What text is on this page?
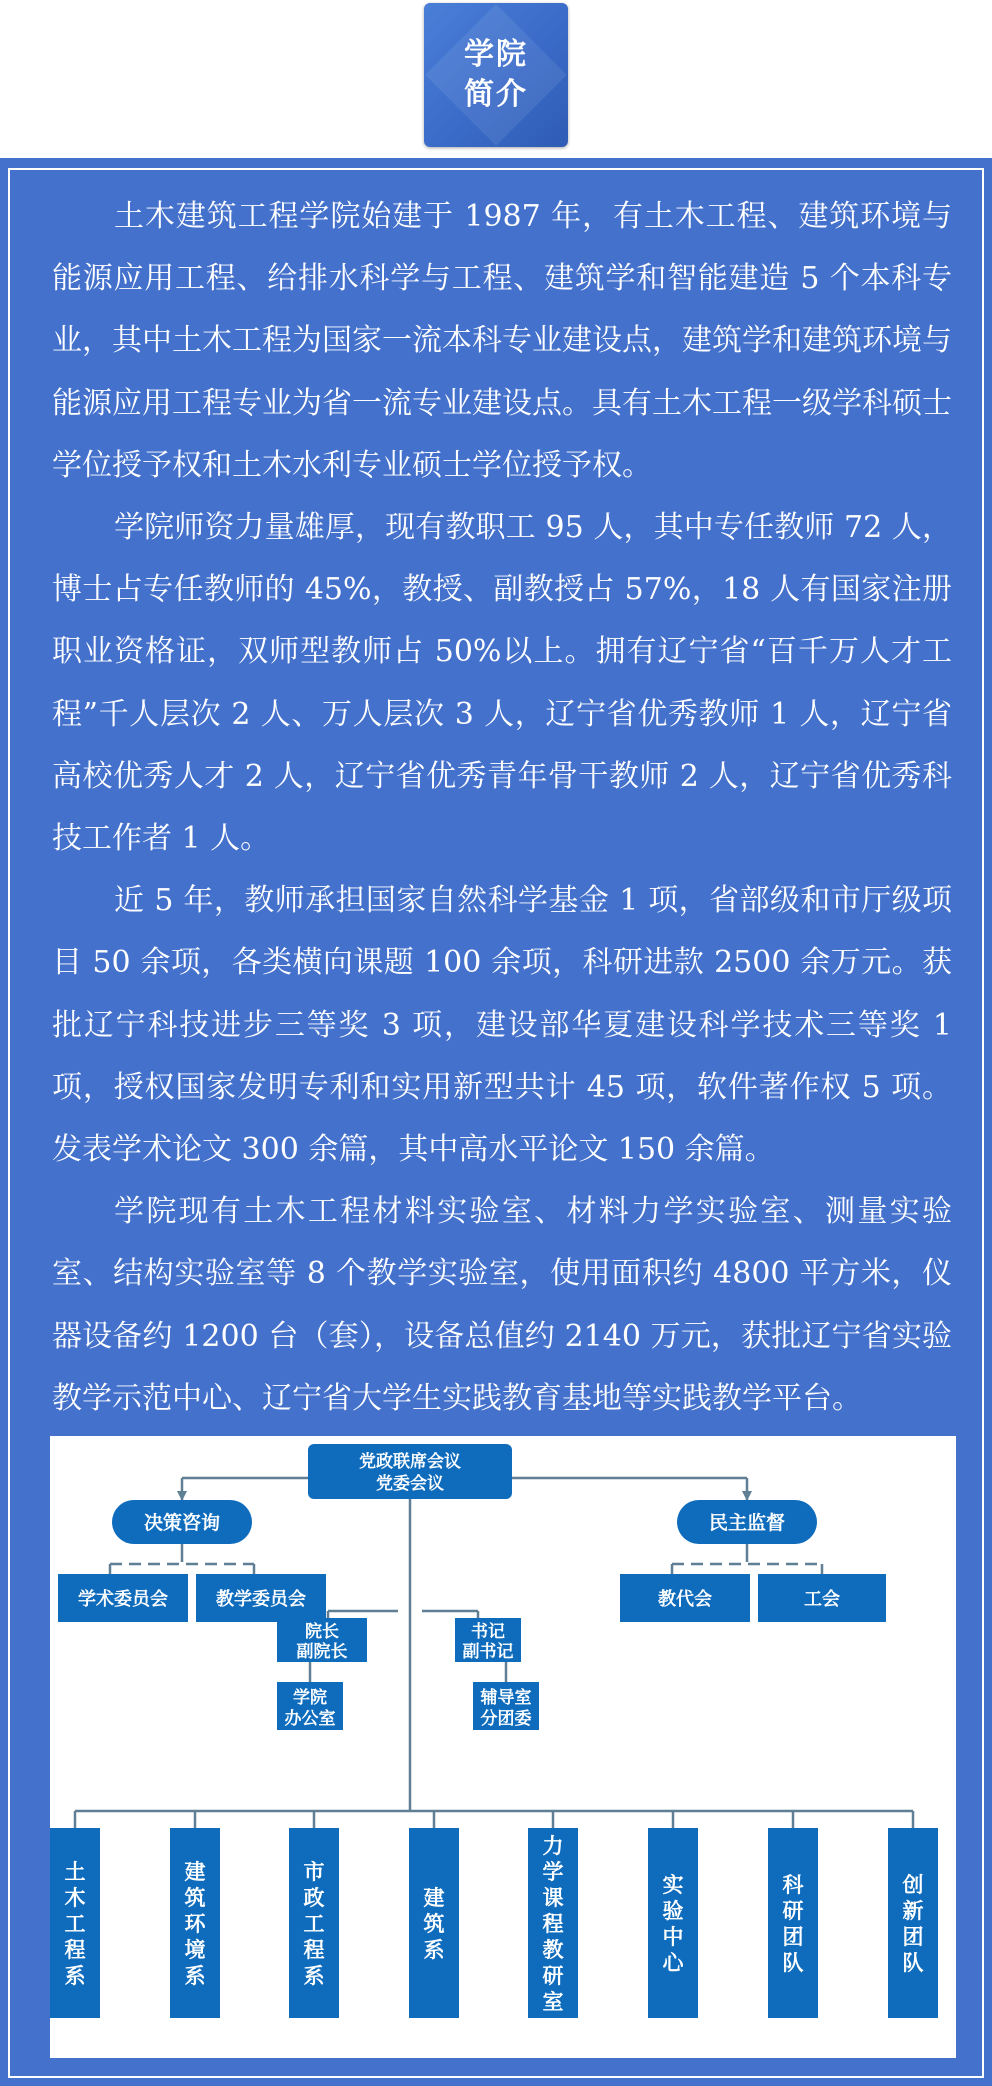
学院
简介

土木建筑工程学院始建于 1987 年，有土木工程、建筑环境与能源应用工程、给排水科学与工程、建筑学和智能建造 5 个本科专业，其中土木工程为国家一流本科专业建设点，建筑学和建筑环境与能源应用工程专业为省一流专业建设点。具有土木工程一级学科硕士学位授予权和土木水利专业硕士学位授予权。

学院师资力量雄厚，现有教职工 95 人，其中专任教师 72 人，博士占专任教师的 45%，教授、副教授占 57%，18 人有国家注册职业资格证，双师型教师占 50%以上。拥有辽宁省“百千万人才工程”千人层次 2 人、万人层次 3 人，辽宁省优秀教师 1 人，辽宁省高校优秀人才 2 人，辽宁省优秀青年骨干教师 2 人，辽宁省优秀科技工作者 1 人。

近 5 年，教师承担国家自然科学基金 1 项，省部级和市厅级项目 50 余项，各类横向课题 100 余项，科研进款 2500 余万元。获批辽宁科技进步三等奖 3 项，建设部华夏建设科学技术三等奖 1 项，授权国家发明专利和实用新型共计 45 项，软件著作权 5 项。发表学术论文 300 余篇，其中高水平论文 150 余篇。

学院现有土木工程材料实验室、材料力学实验室、测量实验室、结构实验室等 8 个教学实验室，使用面积约 4800 平方米，仪器设备约 1200 台（套），设备总值约 2140 万元，获批辽宁省实验教学示范中心、辽宁省大学生实践教育基地等实践教学平台。

党政联席会议
党委会议
决策咨询	民主监督
学术委员会	教学委员会	教代会	工会
院长
副院长
学院
办公室
书记
副书记
辅导室
分团委
土木工程系
建筑环境系
市政工程系
建筑系
力学课程教研室
实验中心
科研团队
创新团队
